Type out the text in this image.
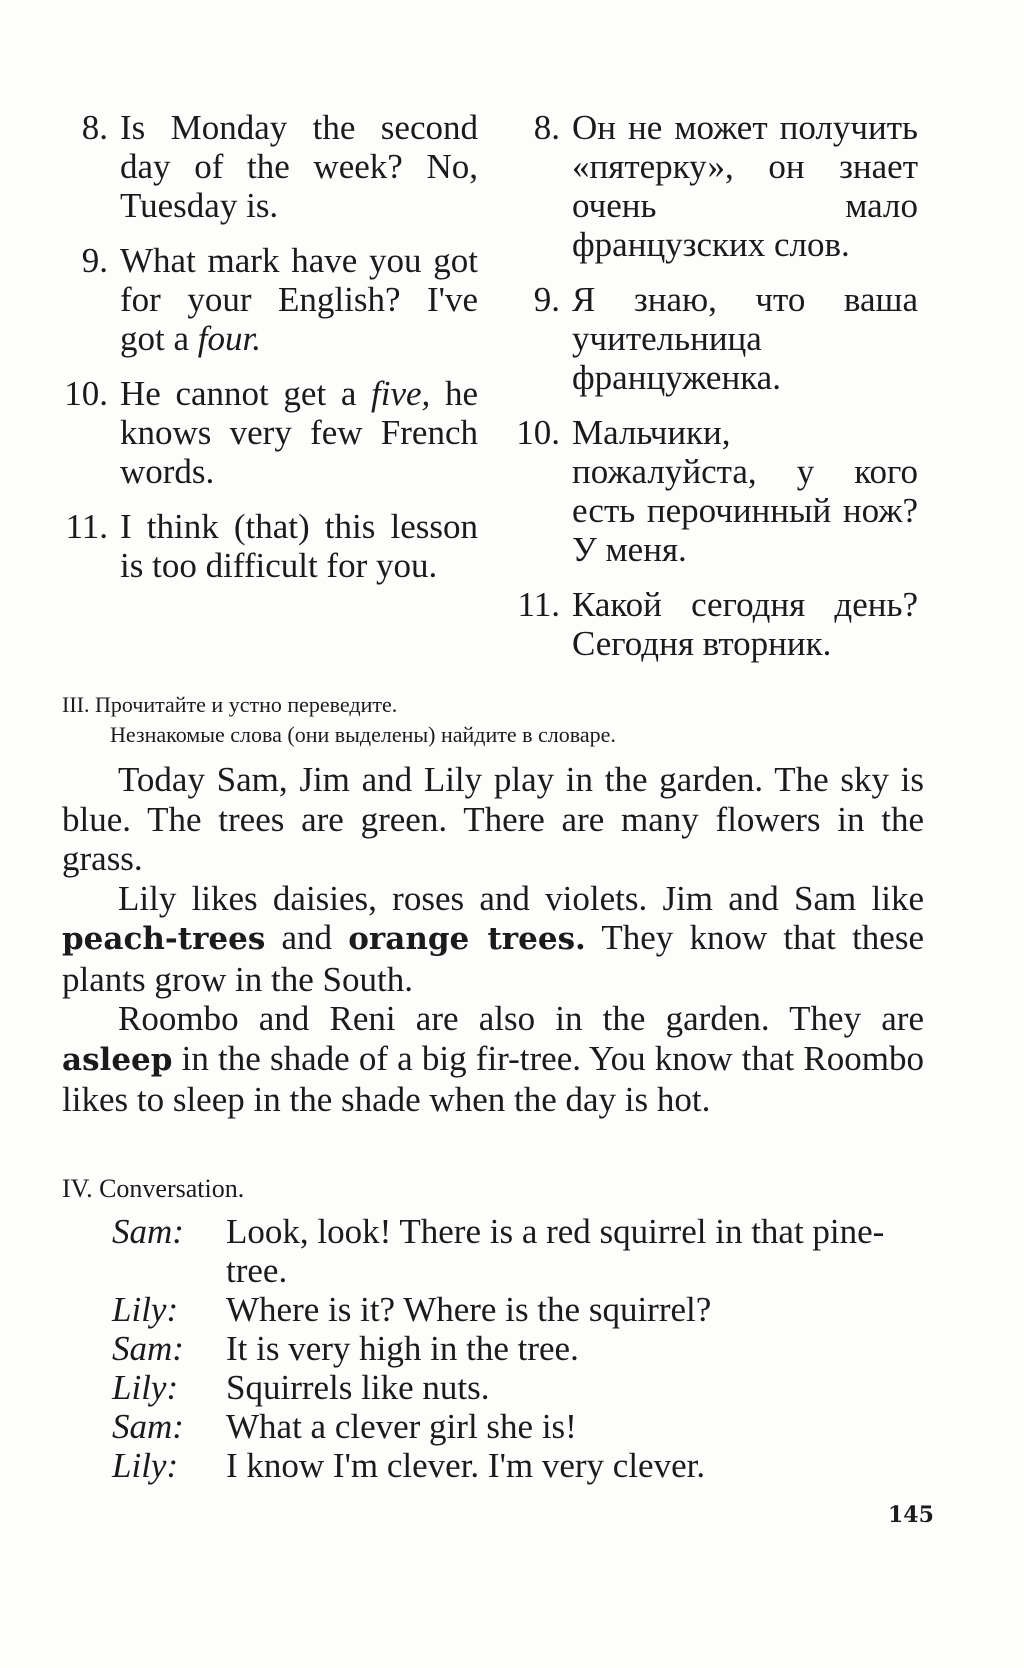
8. Is Monday the second day of the week? No, Tuesday is.
9. What mark have you got for your English? I've got a four.
10. He cannot get a five, he knows very few French words.
11. I think (that) this lesson is too difficult for you.
8. Он не может получить «пятерку», он знает очень мало французских слов.
9. Я знаю, что ваша учительница француженка.
10. Мальчики, пожалуйста, у кого есть перочинный нож? У меня.
11. Какой сегодня день? Сегодня вторник.
III. Прочитайте и устно переведите.
Незнакомые слова (они выделены) найдите в словаре.

Today Sam, Jim and Lily play in the garden. The sky is blue. The trees are green. There are many flowers in the grass.

Lily likes daisies, roses and violets. Jim and Sam like peach-trees and orange trees. They know that these plants grow in the South.

Roombo and Reni are also in the garden. They are asleep in the shade of a big fir-tree. You know that Roombo likes to sleep in the shade when the day is hot.

IV. Conversation.
Sam:	Look, look! There is a red squirrel in that pine-tree.
Lily:	Where is it? Where is the squirrel?
Sam:	It is very high in the tree.
Lily:	Squirrels like nuts.
Sam:	What a clever girl she is!
Lily:	I know I'm clever. I'm very clever.
145
